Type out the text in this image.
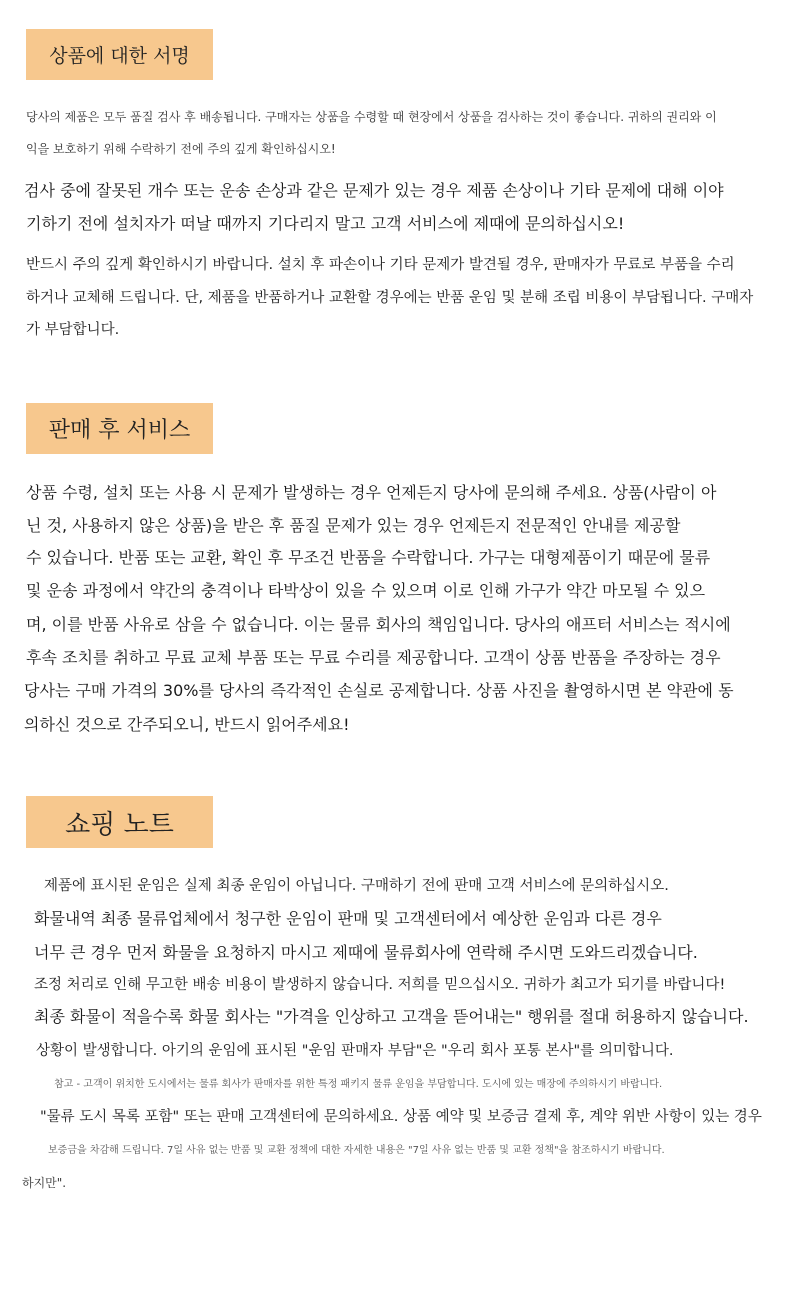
상품에 대한 서명

당사의 제품은 모두 품질 검사 후 배송됩니다. 구매자는 상품을 수령할 때 현장에서 상품을 검사하는 것이 좋습니다. 귀하의 권리와 이

익을 보호하기 위해 수락하기 전에 주의 깊게 확인하십시오!

검사 중에 잘못된 개수 또는 운송 손상과 같은 문제가 있는 경우 제품 손상이나 기타 문제에 대해 이야

기하기 전에 설치자가 떠날 때까지 기다리지 말고 고객 서비스에 제때에 문의하십시오!

반드시 주의 깊게 확인하시기 바랍니다. 설치 후 파손이나 기타 문제가 발견될 경우, 판매자가 무료로 부품을 수리

하거나 교체해 드립니다. 단, 제품을 반품하거나 교환할 경우에는 반품 운임 및 분해 조립 비용이 부담됩니다. 구매자

가 부담합니다.

판매 후 서비스

상품 수령, 설치 또는 사용 시 문제가 발생하는 경우 언제든지 당사에 문의해 주세요. 상품(사람이 아

닌 것, 사용하지 않은 상품)을 받은 후 품질 문제가 있는 경우 언제든지 전문적인 안내를 제공할

수 있습니다. 반품 또는 교환, 확인 후 무조건 반품을 수락합니다. 가구는 대형제품이기 때문에 물류

및 운송 과정에서 약간의 충격이나 타박상이 있을 수 있으며 이로 인해 가구가 약간 마모될 수 있으

며, 이를 반품 사유로 삼을 수 없습니다. 이는 물류 회사의 책임입니다. 당사의 애프터 서비스는 적시에

후속 조치를 취하고 무료 교체 부품 또는 무료 수리를 제공합니다. 고객이 상품 반품을 주장하는 경우

당사는 구매 가격의 30%를 당사의 즉각적인 손실로 공제합니다. 상품 사진을 촬영하시면 본 약관에 동

의하신 것으로 간주되오니, 반드시 읽어주세요!

쇼핑 노트

제품에 표시된 운임은 실제 최종 운임이 아닙니다. 구매하기 전에 판매 고객 서비스에 문의하십시오.

화물내역 최종 물류업체에서 청구한 운임이 판매 및 고객센터에서 예상한 운임과 다른 경우

너무 큰 경우 먼저 화물을 요청하지 마시고 제때에 물류회사에 연락해 주시면 도와드리겠습니다.

조정 처리로 인해 무고한 배송 비용이 발생하지 않습니다. 저희를 믿으십시오. 귀하가 최고가 되기를 바랍니다!

최종 화물이 적을수록 화물 회사는 "가격을 인상하고 고객을 뜯어내는" 행위를 절대 허용하지 않습니다.

상황이 발생합니다. 아기의 운임에 표시된 "운임 판매자 부담"은 "우리 회사 포통 본사"를 의미합니다.

참고 - 고객이 위치한 도시에서는 물류 회사가 판매자를 위한 특정 패키지 물류 운임을 부담합니다. 도시에 있는 매장에 주의하시기 바랍니다.

"물류 도시 목록 포함" 또는 판매 고객센터에 문의하세요. 상품 예약 및 보증금 결제 후, 계약 위반 사항이 있는 경우

보증금을 차감해 드립니다. 7일 사유 없는 반품 및 교환 정책에 대한 자세한 내용은 "7일 사유 없는 반품 및 교환 정책"을 참조하시기 바랍니다.

하지만".
